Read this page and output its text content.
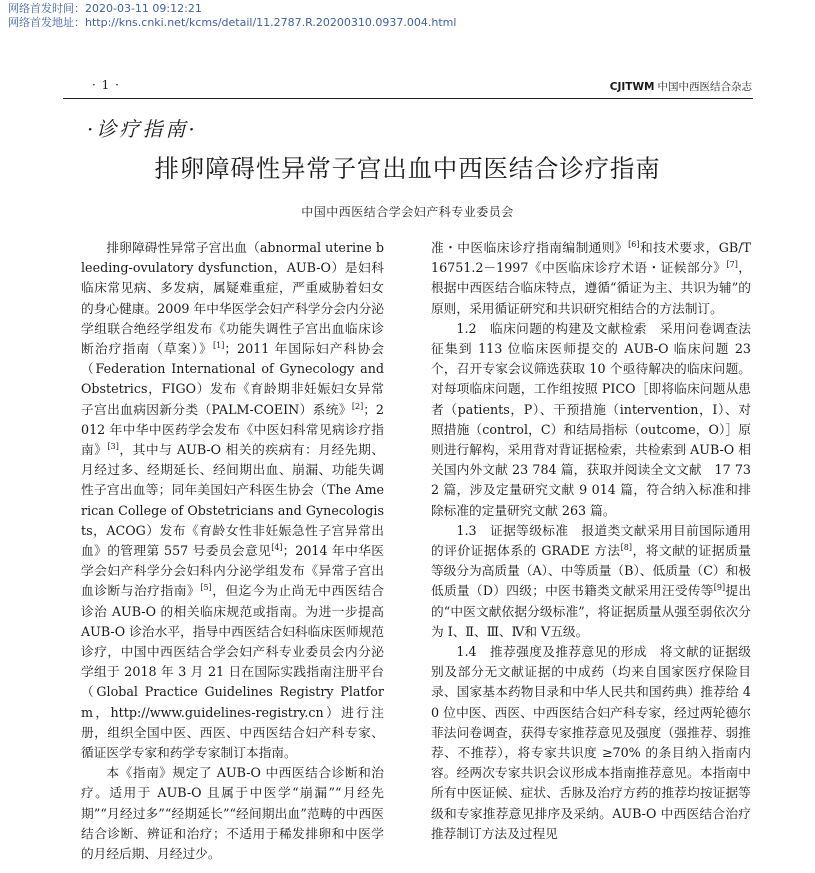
网络首发时间：2020-03-11 09:12:21
网络首发地址：http://kns.cnki.net/kcms/detail/11.2787.R.20200310.0937.004.html
· 1 ·	CJITWM 中国中西医结合杂志
·诊疗指南·
排卵障碍性异常子宫出血中西医结合诊疗指南
中国中西医结合学会妇产科专业委员会

排卵障碍性异常子宫出血（abnormal uterine bleeding-ovulatory dysfunction，AUB-O）是妇科临床常见病、多发病，属疑难重症，严重威胁着妇女的身心健康。2009 年中华医学会妇产科学分会内分泌学组联合绝经学组发布《功能失调性子宫出血临床诊断治疗指南（草案）》[1]；2011 年国际妇产科协会（Federation International of Gynecology and Obstetrics，FIGO）发布《育龄期非妊娠妇女异常子宫出血病因新分类（PALM-COEIN）系统》[2]；2012 年中华中医药学会发布《中医妇科常见病诊疗指南》[3]，其中与 AUB-O 相关的疾病有：月经先期、月经过多、经期延长、经间期出血、崩漏、功能失调性子宫出血等；同年美国妇产科医生协会（The American College of Obstetricians and Gynecologists，ACOG）发布《育龄女性非妊娠急性子宫异常出血》的管理第 557 号委员会意见[4]；2014 年中华医学会妇产科学分会妇科内分泌学组发布《异常子宫出血诊断与治疗指南》[5]，但迄今为止尚无中西医结合诊治 AUB-O 的相关临床规范或指南。为进一步提高 AUB-O 诊治水平，指导中西医结合妇科临床医师规范诊疗，中国中西医结合学会妇产科专业委员会内分泌学组于 2018 年 3 月 21 日在国际实践指南注册平台（Global Practice Guidelines Registry Platform，http://www.guidelines-registry.cn）进行注册，组织全国中医、西医、中西医结合妇产科专家、循证医学专家和药学专家制订本指南。

本《指南》规定了 AUB-O 中西医结合诊断和治疗。适用于 AUB-O 且属于中医学“崩漏”“月经先期”“月经过多”“经期延长”“经间期出血”范畴的中西医结合诊断、辨证和治疗；不适用于稀发排卵和中医学的月经后期、月经过少。

准・中医临床诊疗指南编制通则》[6]和技术要求，GB/T 16751.2－1997《中医临床诊疗术语・证候部分》[7]，根据中西医结合临床特点，遵循“循证为主、共识为辅”的原则，采用循证研究和共识研究相结合的方法制订。

1.2　临床问题的构建及文献检索　采用问卷调查法征集到 113 位临床医师提交的 AUB-O 临床问题 23 个，召开专家会议筛选获取 10 个亟待解决的临床问题。对每项临床问题，工作组按照 PICO［即将临床问题从患者（patients，P）、干预措施（intervention，I）、对照措施（control，C）和结局指标（outcome，O）］原则进行解构，采用背对背证据检索，共检索到 AUB-O 相关国内外文献 23 784 篇，获取并阅读全文文献　17 732 篇，涉及定量研究文献 9 014 篇，符合纳入标准和排除标准的定量研究文献 263 篇。

1.3　证据等级标准　报道类文献采用目前国际通用的评价证据体系的 GRADE 方法[8]，将文献的证据质量等级分为高质量（A）、中等质量（B）、低质量（C）和极低质量（D）四级；中医书籍类文献采用汪受传等[9]提出的“中医文献依据分级标准”，将证据质量从强至弱依次分为 Ⅰ、Ⅱ、Ⅲ、Ⅳ和 Ⅴ五级。

1.4　推荐强度及推荐意见的形成　将文献的证据级别及部分无文献证据的中成药（均来自国家医疗保险目录、国家基本药物目录和中华人民共和国药典）推荐给 40 位中医、西医、中西医结合妇产科专家，经过两轮德尔菲法问卷调查，获得专家推荐意见及强度（强推荐、弱推荐、不推荐），将专家共识度 ≥70% 的条目纳入指南内容。经两次专家共识会议形成本指南推荐意见。本指南中所有中医证候、症状、舌脉及治疗方药的推荐均按证据等级和专家推荐意见排序及采纳。AUB-O 中西医结合治疗推荐制订方法及过程见
